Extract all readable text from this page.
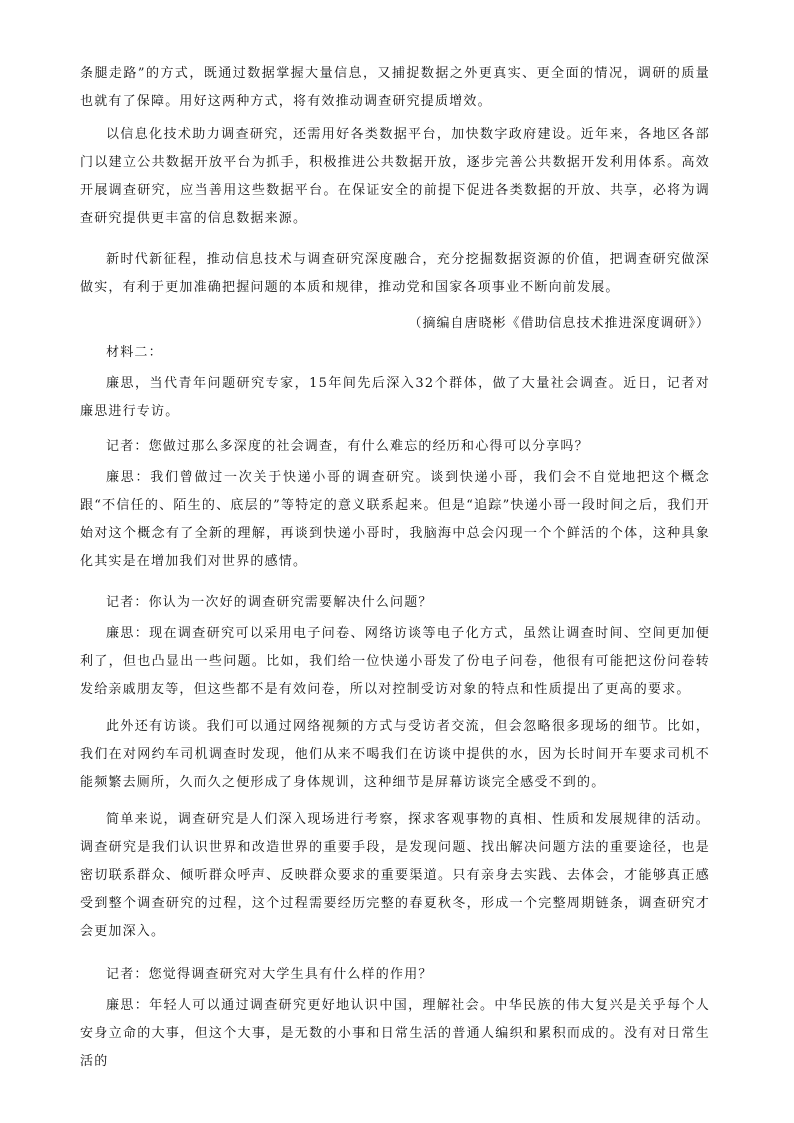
条腿走路”的方式，既通过数据掌握大量信息，又捕捉数据之外更真实、更全面的情况，调研的质量也就有了保障。用好这两种方式，将有效推动调查研究提质增效。

以信息化技术助力调查研究，还需用好各类数据平台，加快数字政府建设。近年来，各地区各部门以建立公共数据开放平台为抓手，积极推进公共数据开放，逐步完善公共数据开发利用体系。高效开展调查研究，应当善用这些数据平台。在保证安全的前提下促进各类数据的开放、共享，必将为调查研究提供更丰富的信息数据来源。

新时代新征程，推动信息技术与调查研究深度融合，充分挖掘数据资源的价值，把调查研究做深做实，有利于更加准确把握问题的本质和规律，推动党和国家各项事业不断向前发展。

（摘编自唐晓彬《借助信息技术推进深度调研》）

材料二：

廉思，当代青年问题研究专家，15年间先后深入32个群体，做了大量社会调查。近日，记者对廉思进行专访。

记者：您做过那么多深度的社会调查，有什么难忘的经历和心得可以分享吗？

廉思：我们曾做过一次关于快递小哥的调查研究。谈到快递小哥，我们会不自觉地把这个概念跟“不信任的、陌生的、底层的”等特定的意义联系起来。但是“追踪”快递小哥一段时间之后，我们开始对这个概念有了全新的理解，再谈到快递小哥时，我脑海中总会闪现一个个鲜活的个体，这种具象化其实是在增加我们对世界的感情。

记者：你认为一次好的调查研究需要解决什么问题？

廉思：现在调查研究可以采用电子问卷、网络访谈等电子化方式，虽然让调查时间、空间更加便利了，但也凸显出一些问题。比如，我们给一位快递小哥发了份电子问卷，他很有可能把这份问卷转发给亲戚朋友等，但这些都不是有效问卷，所以对控制受访对象的特点和性质提出了更高的要求。

此外还有访谈。我们可以通过网络视频的方式与受访者交流，但会忽略很多现场的细节。比如，我们在对网约车司机调查时发现，他们从来不喝我们在访谈中提供的水，因为长时间开车要求司机不能频繁去厕所，久而久之便形成了身体规训，这种细节是屏幕访谈完全感受不到的。

简单来说，调查研究是人们深入现场进行考察，探求客观事物的真相、性质和发展规律的活动。调查研究是我们认识世界和改造世界的重要手段，是发现问题、找出解决问题方法的重要途径，也是密切联系群众、倾听群众呼声、反映群众要求的重要渠道。只有亲身去实践、去体会，才能够真正感受到整个调查研究的过程，这个过程需要经历完整的春夏秋冬，形成一个完整周期链条，调查研究才会更加深入。

记者：您觉得调查研究对大学生具有什么样的作用？

廉思：年轻人可以通过调查研究更好地认识中国，理解社会。中华民族的伟大复兴是关乎每个人安身立命的大事，但这个大事，是无数的小事和日常生活的普通人编织和累积而成的。没有对日常生活的
